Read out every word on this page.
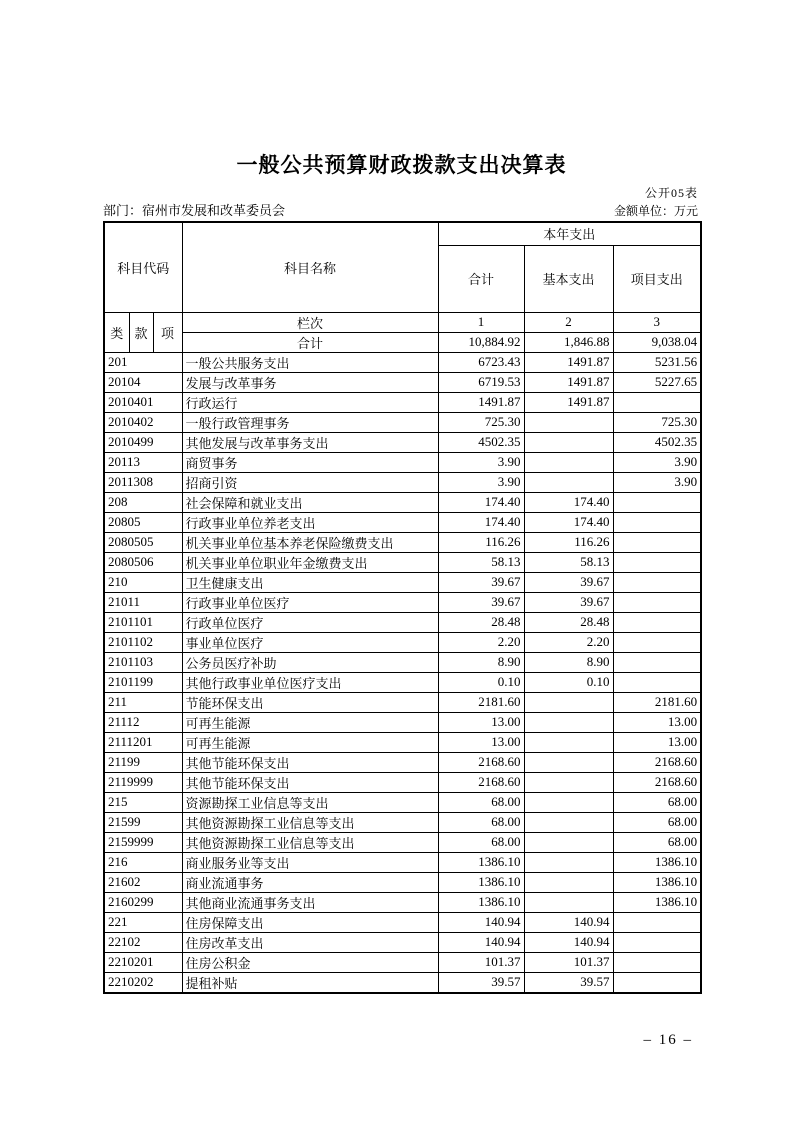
一般公共预算财政拨款支出决算表
公开05表
部门：宿州市发展和改革委员会	金额单位：万元
科目代码			科目名称	本年支出		
				合计	基本支出	项目支出
类	款	项	栏次	1	2	3
			合计	10,884.92	1,846.88	9,038.04
201			一般公共服务支出	6723.43	1491.87	5231.56
20104			发展与改革事务	6719.53	1491.87	5227.65
2010401			行政运行	1491.87	1491.87	
2010402			一般行政管理事务	725.30		725.30
2010499			其他发展与改革事务支出	4502.35		4502.35
20113			商贸事务	3.90		3.90
2011308			招商引资	3.90		3.90
208			社会保障和就业支出	174.40	174.40	
20805			行政事业单位养老支出	174.40	174.40	
2080505			机关事业单位基本养老保险缴费支出	116.26	116.26	
2080506			机关事业单位职业年金缴费支出	58.13	58.13	
210			卫生健康支出	39.67	39.67	
21011			行政事业单位医疗	39.67	39.67	
2101101			行政单位医疗	28.48	28.48	
2101102			事业单位医疗	2.20	2.20	
2101103			公务员医疗补助	8.90	8.90	
2101199			其他行政事业单位医疗支出	0.10	0.10	
211			节能环保支出	2181.60		2181.60
21112			可再生能源	13.00		13.00
2111201			可再生能源	13.00		13.00
21199			其他节能环保支出	2168.60		2168.60
2119999			其他节能环保支出	2168.60		2168.60
215			资源勘探工业信息等支出	68.00		68.00
21599			其他资源勘探工业信息等支出	68.00		68.00
2159999			其他资源勘探工业信息等支出	68.00		68.00
216			商业服务业等支出	1386.10		1386.10
21602			商业流通事务	1386.10		1386.10
2160299			其他商业流通事务支出	1386.10		1386.10
221			住房保障支出	140.94	140.94	
22102			住房改革支出	140.94	140.94	
2210201			住房公积金	101.37	101.37	
2210202			提租补贴	39.57	39.57	
– 16 –
